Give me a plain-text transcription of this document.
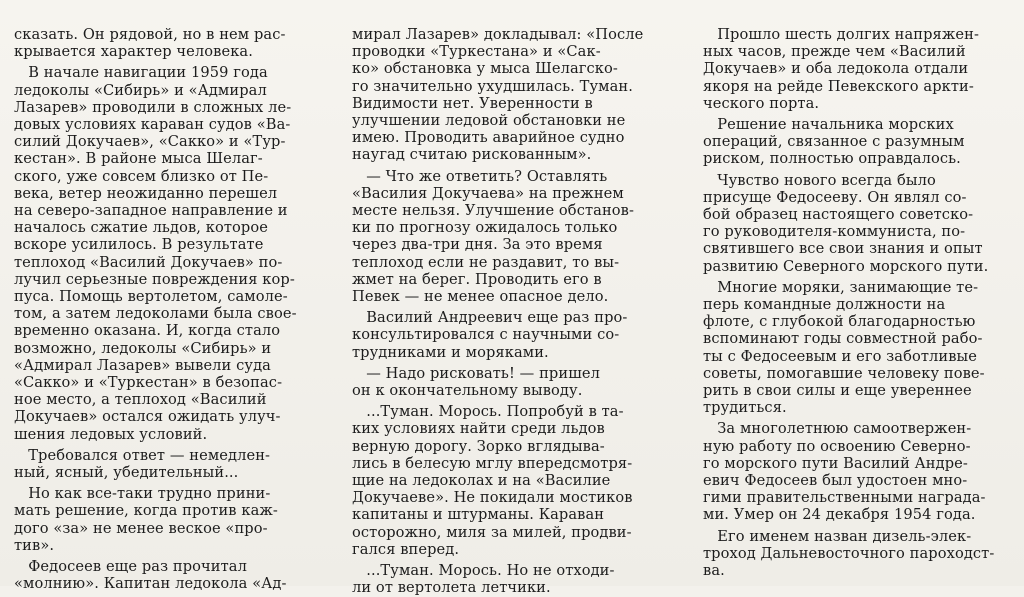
сказать. Он рядовой, но в нем рас-
крывается характер человека.
В начале навигации 1959 года
ледоколы «Сибирь» и «Адмирал
Лазарев» проводили в сложных ле-
довых условиях караван судов «Ва-
силий Докучаев», «Сакко» и «Тур-
кестан». В районе мыса Шелаг-
ского, уже совсем близко от Пе-
века, ветер неожиданно перешел
на северо-западное направление и
началось сжатие льдов, которое
вскоре усилилось. В результате
теплоход «Василий Докучаев» по-
лучил серьезные повреждения кор-
пуса. Помощь вертолетом, самоле-
том, а затем ледоколами была свое-
временно оказана. И, когда стало
возможно, ледоколы «Сибирь» и
«Адмирал Лазарев» вывели суда
«Сакко» и «Туркестан» в безопас-
ное место, а теплоход «Василий
Докучаев» остался ожидать улуч-
шения ледовых условий.
Требовался ответ — немедлен-
ный, ясный, убедительный...
Но как все-таки трудно прини-
мать решение, когда против каж-
дого «за» не менее веское «про-
тив».
Федосеев еще раз прочитал
«молнию». Капитан ледокола «Ад-
мирал Лазарев» докладывал: «После
проводки «Туркестана» и «Сак-
ко» обстановка у мыса Шелагско-
го значительно ухудшилась. Туман.
Видимости нет. Уверенности в
улучшении ледовой обстановки не
имею. Проводить аварийное судно
наугад считаю рискованным».
— Что же ответить? Оставлять
«Василия Докучаева» на прежнем
месте нельзя. Улучшение обстанов-
ки по прогнозу ожидалось только
через два-три дня. За это время
теплоход если не раздавит, то вы-
жмет на берег. Проводить его в
Певек — не менее опасное дело.
Василий Андреевич еще раз про-
консультировался с научными со-
трудниками и моряками.
— Надо рисковать! — пришел
он к окончательному выводу.
...Туман. Морось. Попробуй в та-
ких условиях найти среди льдов
верную дорогу. Зорко вглядыва-
лись в белесую мглу впередсмотря-
щие на ледоколах и на «Василие
Докучаеве». Не покидали мостиков
капитаны и штурманы. Караван
осторожно, миля за милей, продви-
гался вперед.
...Туман. Морось. Но не отходи-
ли от вертолета летчики.
Прошло шесть долгих напряжен-
ных часов, прежде чем «Василий
Докучаев» и оба ледокола отдали
якоря на рейде Певекского аркти-
ческого порта.
Решение начальника морских
операций, связанное с разумным
риском, полностью оправдалось.
Чувство нового всегда было
присуще Федосееву. Он являл со-
бой образец настоящего советско-
го руководителя-коммуниста, по-
святившего все свои знания и опыт
развитию Северного морского пути.
Многие моряки, занимающие те-
перь командные должности на
флоте, с глубокой благодарностью
вспоминают годы совместной рабо-
ты с Федосеевым и его заботливые
советы, помогавшие человеку пове-
рить в свои силы и еще увереннее
трудиться.
За многолетнюю самоотвержен-
ную работу по освоению Северно-
го морского пути Василий Андре-
евич Федосеев был удостоен мно-
гими правительственными награда-
ми. Умер он 24 декабря 1954 года.
Его именем назван дизель-элек-
троход Дальневосточного пароходст-
ва.
